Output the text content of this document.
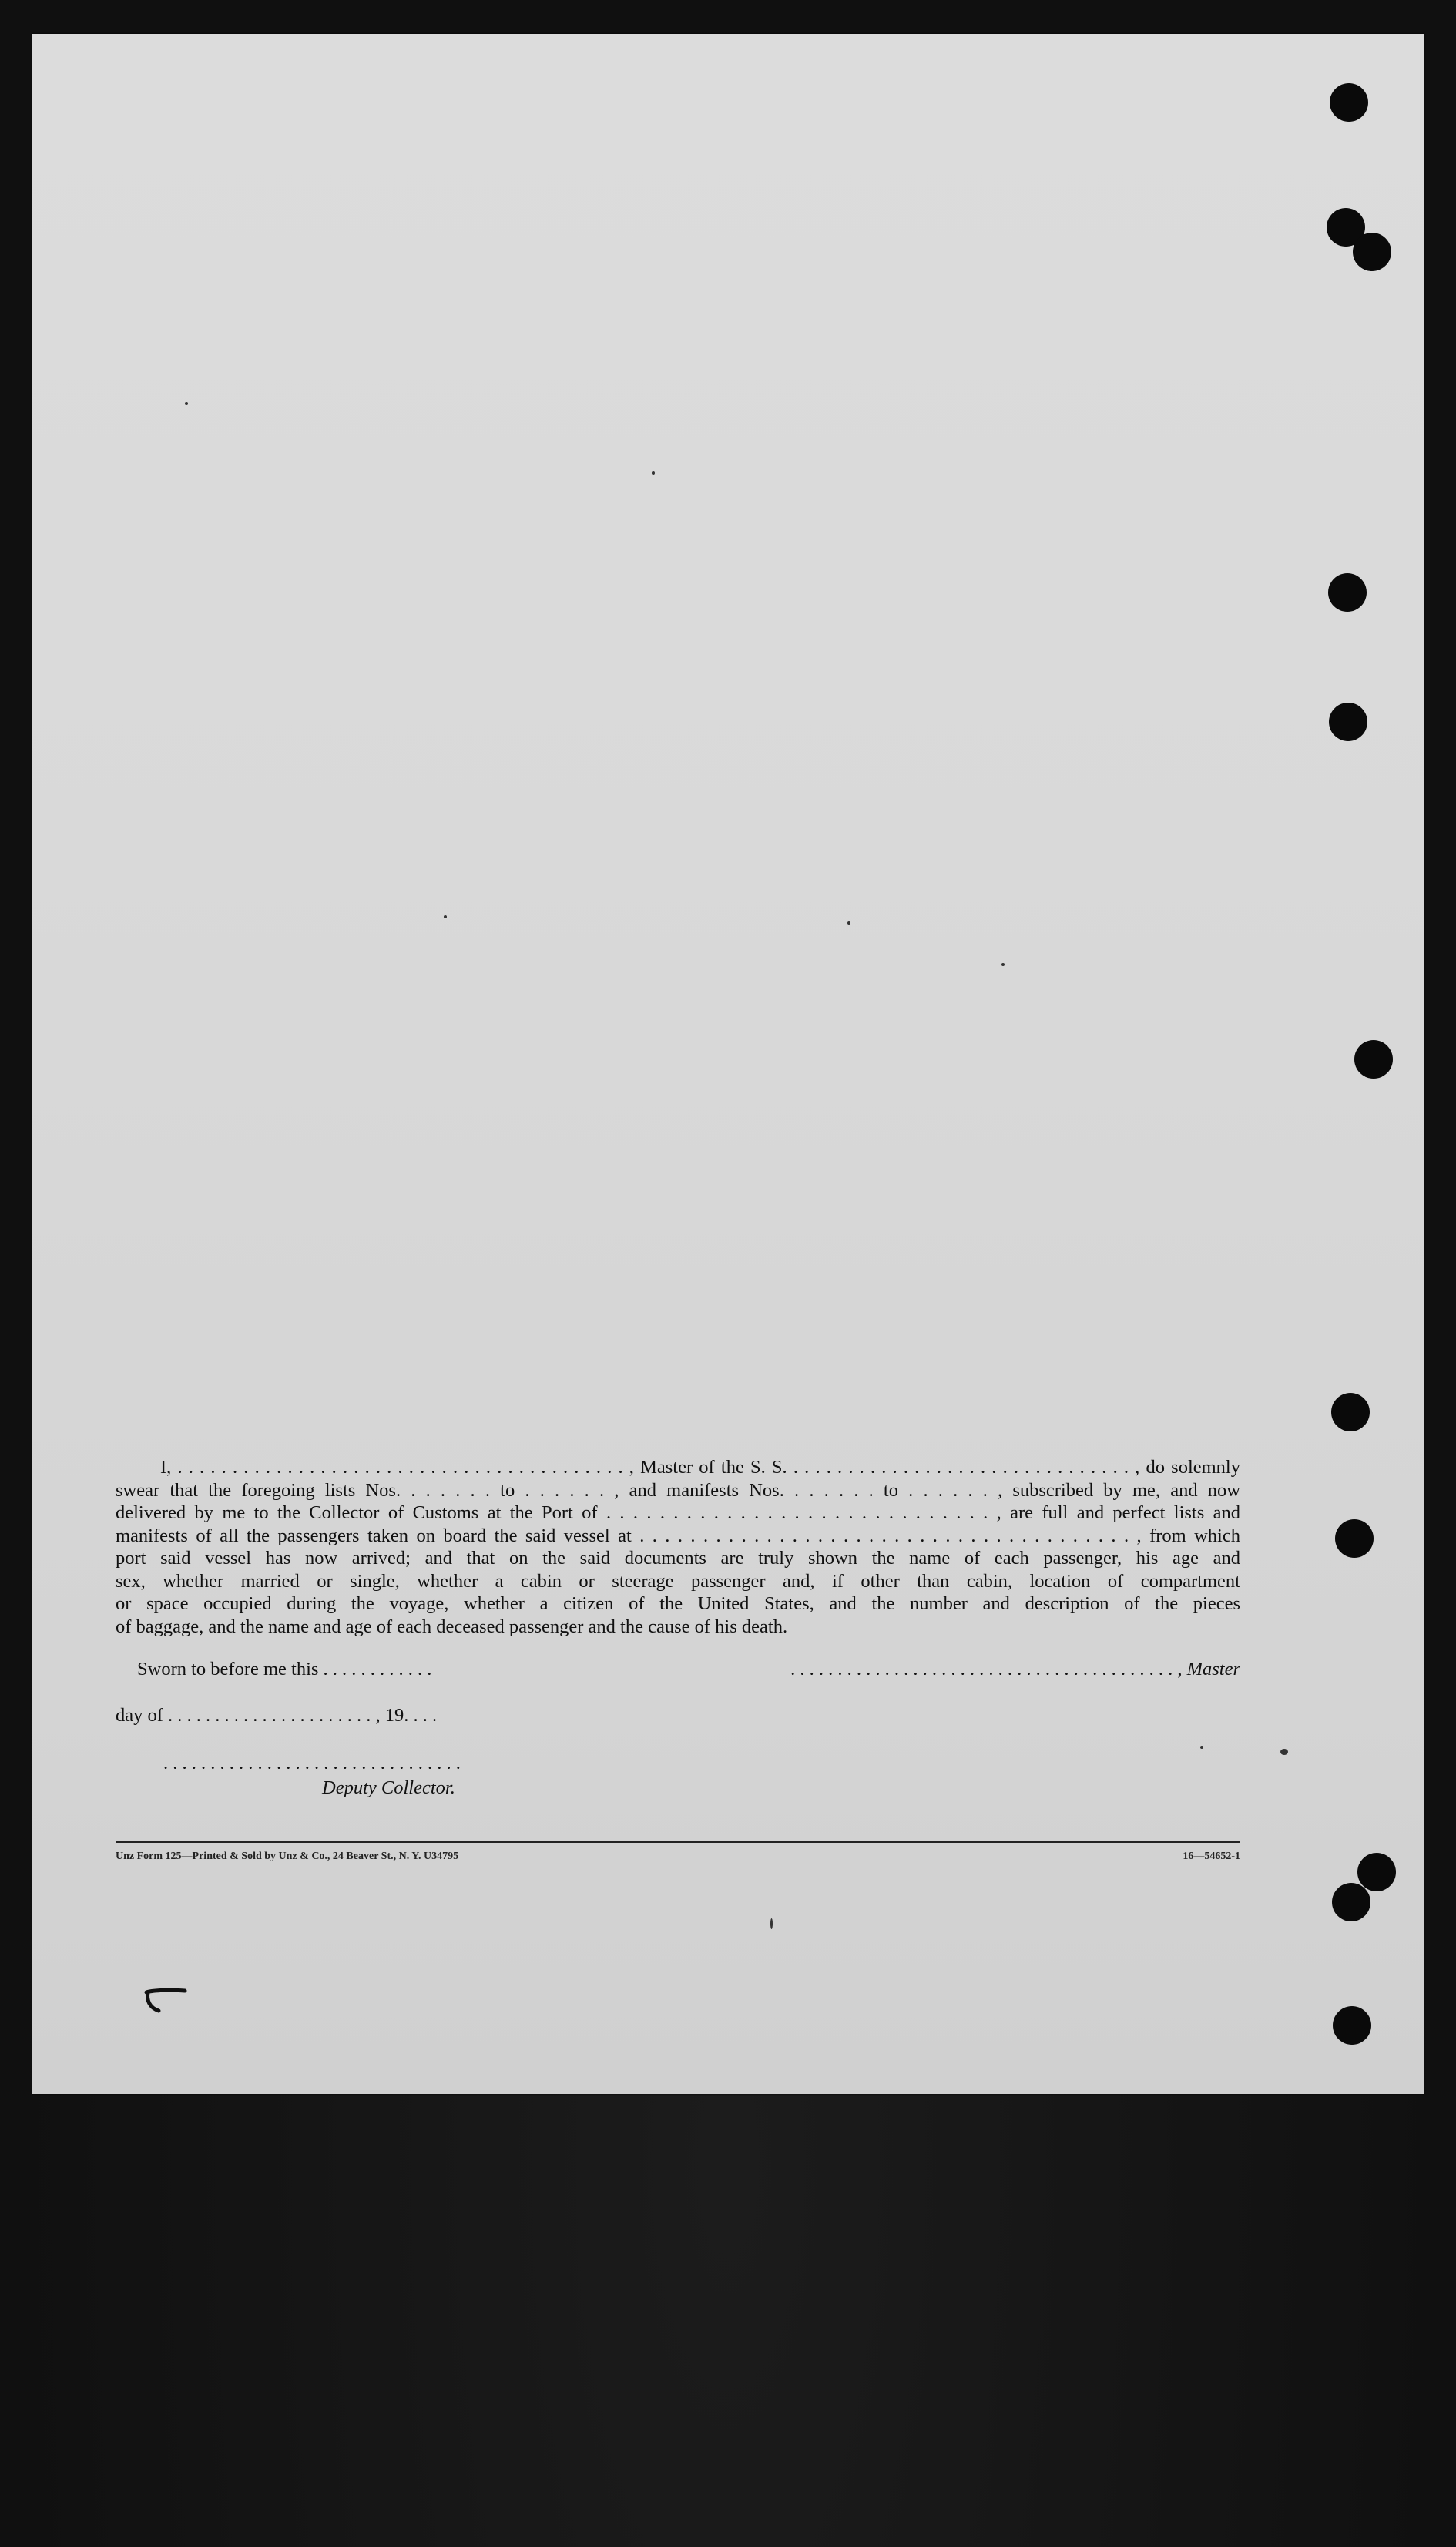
I, . . . . . . . . . . . . . . . . . . . . . . . . . . . . . . . . . . . . . . . . . , Master of the S. S. . . . . . . . . . . . . . . . . . . . . . . . . . . . . . . . , do solemnly
swear that the foregoing lists Nos. . . . . . . to . . . . . . , and manifests Nos. . . . . . . to . . . . . . , subscribed by me, and now
delivered by me to the Collector of Customs at the Port of . . . . . . . . . . . . . . . . . . . . . . . . . . . . . , are full and perfect lists and
manifests of all the passengers taken on board the said vessel at . . . . . . . . . . . . . . . . . . . . . . . . . . . . . . . . . . . . . . . , from which
port said vessel has now arrived; and that on the said documents are truly shown the name of each passenger, his age and
sex, whether married or single, whether a cabin or steerage passenger and, if other than cabin, location of compartment
or space occupied during the voyage, whether a citizen of the United States, and the number and description of the pieces
of baggage, and the name and age of each deceased passenger and the cause of his death.
Sworn to before me this . . . . . . . . . . . .	. . . . . . . . . . . . . . . . . . . . . . . . . . . . . . . . . . . . . . . . . , Master
day of . . . . . . . . . . . . . . . . . . . . . . , 19. . . .
. . . . . . . . . . . . . . . . . . . . . . . . . . . . . . . .
Deputy Collector.
Unz Form 125—Printed & Sold by Unz & Co., 24 Beaver St., N. Y. U34795	16—54652-1
